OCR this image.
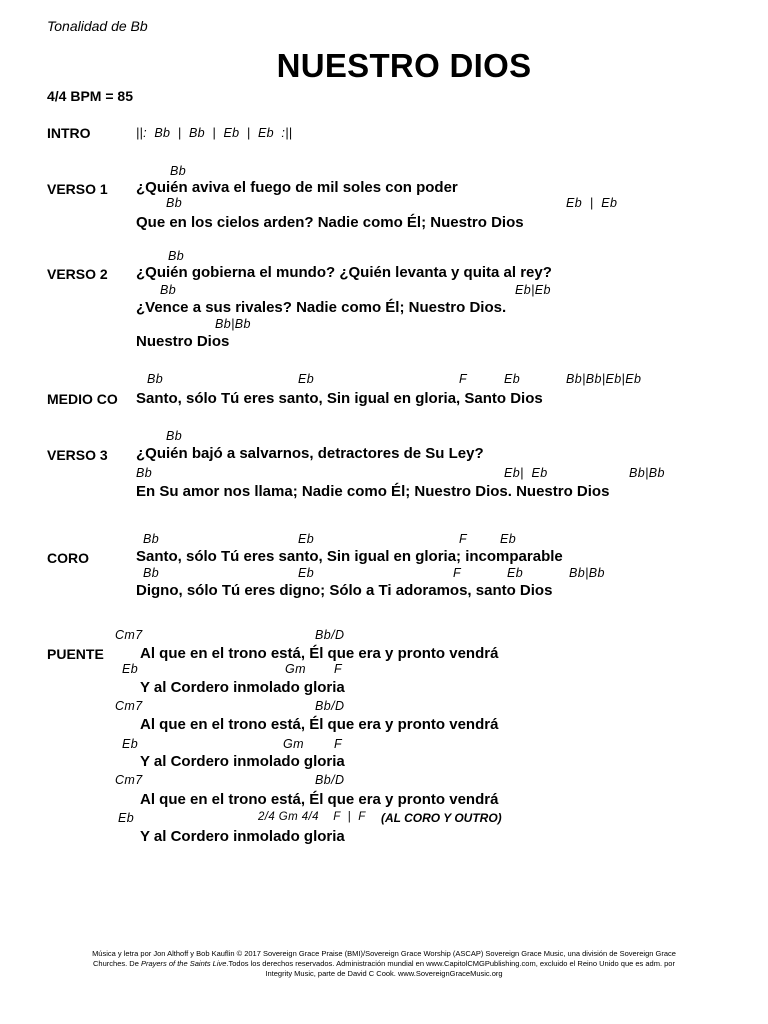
Tonalidad de Bb
NUESTRO DIOS
4/4 BPM = 85
INTRO	||:  Bb  |  Bb  |  Eb  |  Eb  :||
Bb
VERSO 1 ¿Quién aviva el fuego de mil soles con poder
Bb	Eb  |  Eb
Que en los cielos arden? Nadie como Él; Nuestro Dios
Bb
VERSO 2 ¿Quién gobierna el mundo? ¿Quién levanta y quita al rey?
Bb	Eb|Eb
¿Vence a sus rivales? Nadie como Él; Nuestro Dios.
Bb|Bb
Nuestro Dios
Bb	Eb	F	Eb	Bb|Bb|Eb|Eb
MEDIO CO Santo, sólo Tú eres santo, Sin igual en gloria, Santo Dios
Bb
VERSO 3 ¿Quién bajó a salvarnos, detractores de Su Ley?
Bb	Eb|  Eb	Bb|Bb
En Su amor nos llama; Nadie como Él; Nuestro Dios. Nuestro Dios
Bb	Eb	F	Eb
CORO	Santo, sólo Tú eres santo, Sin igual en gloria; incomparable
Bb	Eb	F	Eb	Bb|Bb
Digno, sólo Tú eres digno; Sólo a Ti adoramos, santo Dios
Cm7	Bb/D
PUENTE Al que en el trono está, Él que era y pronto vendrá
Eb	Gm F
Y al Cordero inmolado gloria
Cm7	Bb/D
Al que en el trono está, Él que era y pronto vendrá
Eb	Gm F
Y al Cordero inmolado gloria
Cm7	Bb/D
Al que en el trono está, Él que era y pronto vendrá
Eb	2/4 Gm 4/4    F  |  F (AL CORO Y OUTRO)
Y al Cordero inmolado gloria
Música y letra por Jon Althoff y Bob Kauflin © 2017 Sovereign Grace Praise (BMI)/Sovereign Grace Worship (ASCAP) Sovereign Grace Music, una división de Sovereign Grace Churches. De Prayers of the Saints Live.Todos los derechos reservados. Administración mundial en www.CapitolCMGPublishing.com, excluido el Reino Unido que es adm. por Integrity Music, parte de David C Cook. www.SovereignGraceMusic.org
